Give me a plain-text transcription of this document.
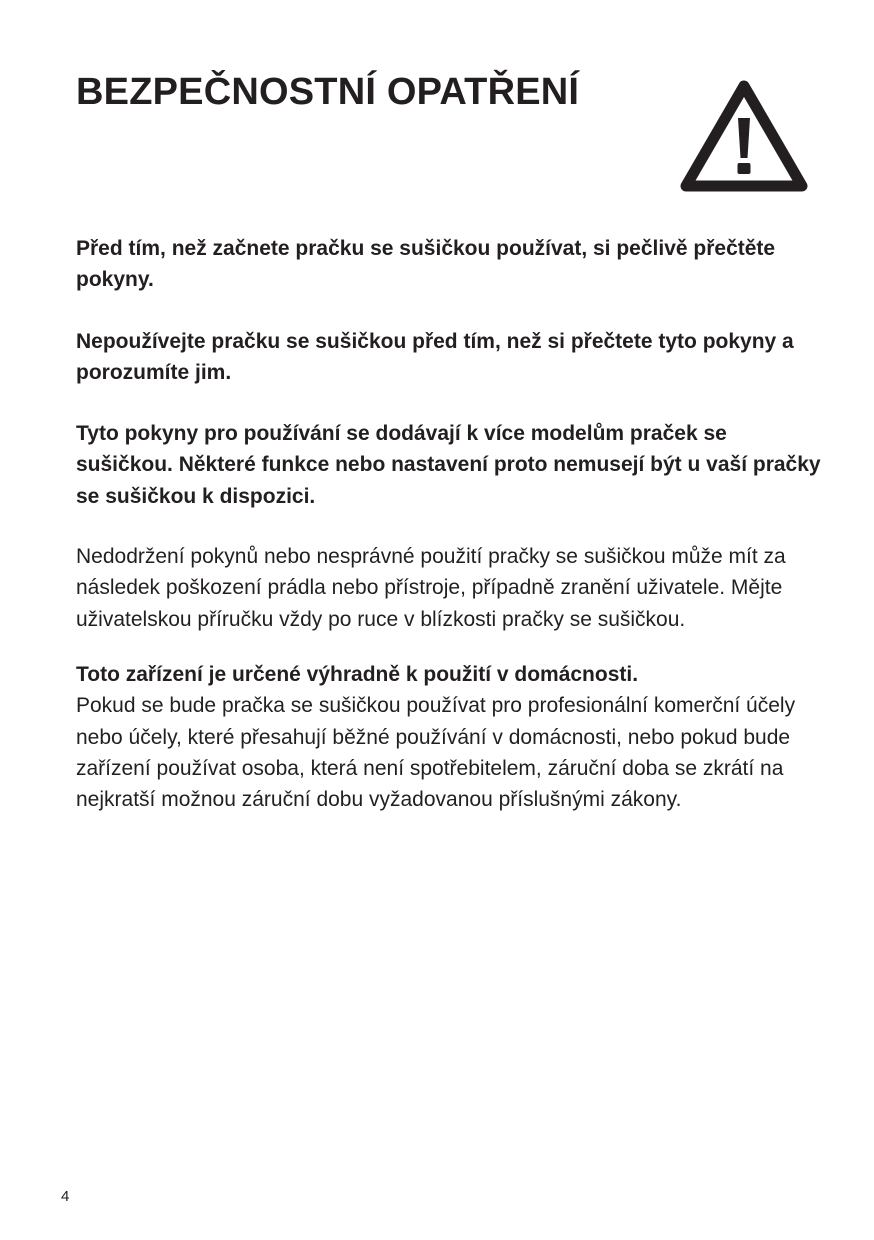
BEZPEČNOSTNÍ OPATŘENÍ

Před tím, než začnete pračku se sušičkou používat, si pečlivě přečtěte pokyny.

Nepoužívejte pračku se sušičkou před tím, než si přečtete tyto pokyny a porozumíte jim.

Tyto pokyny pro používání se dodávají k více modelům praček se sušičkou. Některé funkce nebo nastavení proto nemusejí být u vaší pračky se sušičkou k dispozici.

Nedodržení pokynů nebo nesprávné použití pračky se sušičkou může mít za následek poškození prádla nebo přístroje, případně zranění uživatele. Mějte uživatelskou příručku vždy po ruce v blízkosti pračky se sušičkou.

Toto zařízení je určené výhradně k použití v domácnosti.
Pokud se bude pračka se sušičkou používat pro profesionální komerční účely nebo účely, které přesahují běžné používání v domácnosti, nebo pokud bude zařízení používat osoba, která není spotřebitelem, záruční doba se zkrátí na nejkratší možnou záruční dobu vyžadovanou příslušnými zákony.

4
